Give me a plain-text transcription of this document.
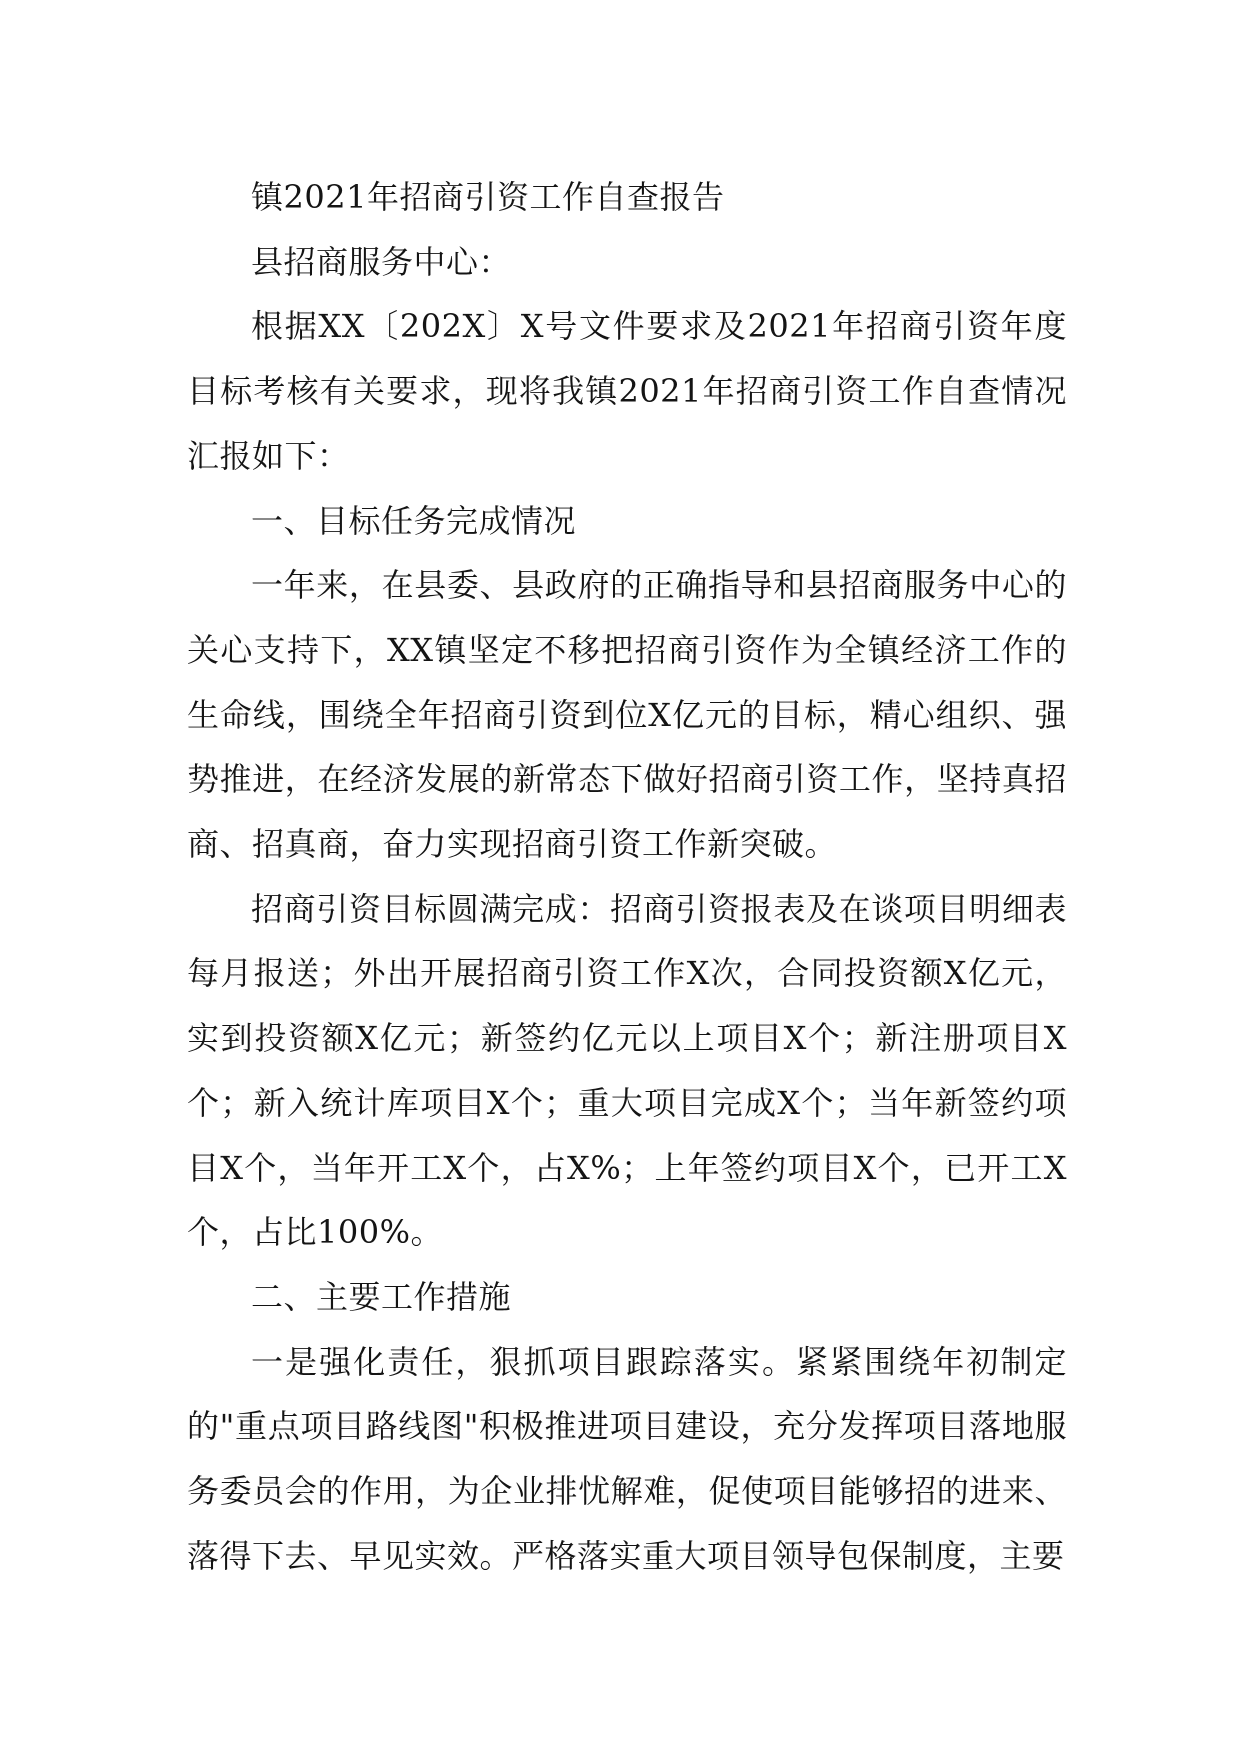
镇2021年招商引资工作自查报告

县招商服务中心：

根据XX〔202X〕X号文件要求及2021年招商引资年度目标考核有关要求，现将我镇2021年招商引资工作自查情况汇报如下：

一、目标任务完成情况

一年来，在县委、县政府的正确指导和县招商服务中心的关心支持下，XX镇坚定不移把招商引资作为全镇经济工作的生命线，围绕全年招商引资到位X亿元的目标，精心组织、强势推进，在经济发展的新常态下做好招商引资工作，坚持真招商、招真商，奋力实现招商引资工作新突破。

招商引资目标圆满完成：招商引资报表及在谈项目明细表每月报送；外出开展招商引资工作X次，合同投资额X亿元，实到投资额X亿元；新签约亿元以上项目X个；新注册项目X个；新入统计库项目X个；重大项目完成X个；当年新签约项目X个，当年开工X个，占X%；上年签约项目X个，已开工X个，占比100%。

二、主要工作措施

一是强化责任，狠抓项目跟踪落实。紧紧围绕年初制定的"重点项目路线图"积极推进项目建设，充分发挥项目落地服务委员会的作用，为企业排忧解难，促使项目能够招的进来、落得下去、早见实效。严格落实重大项目领导包保制度，主要
